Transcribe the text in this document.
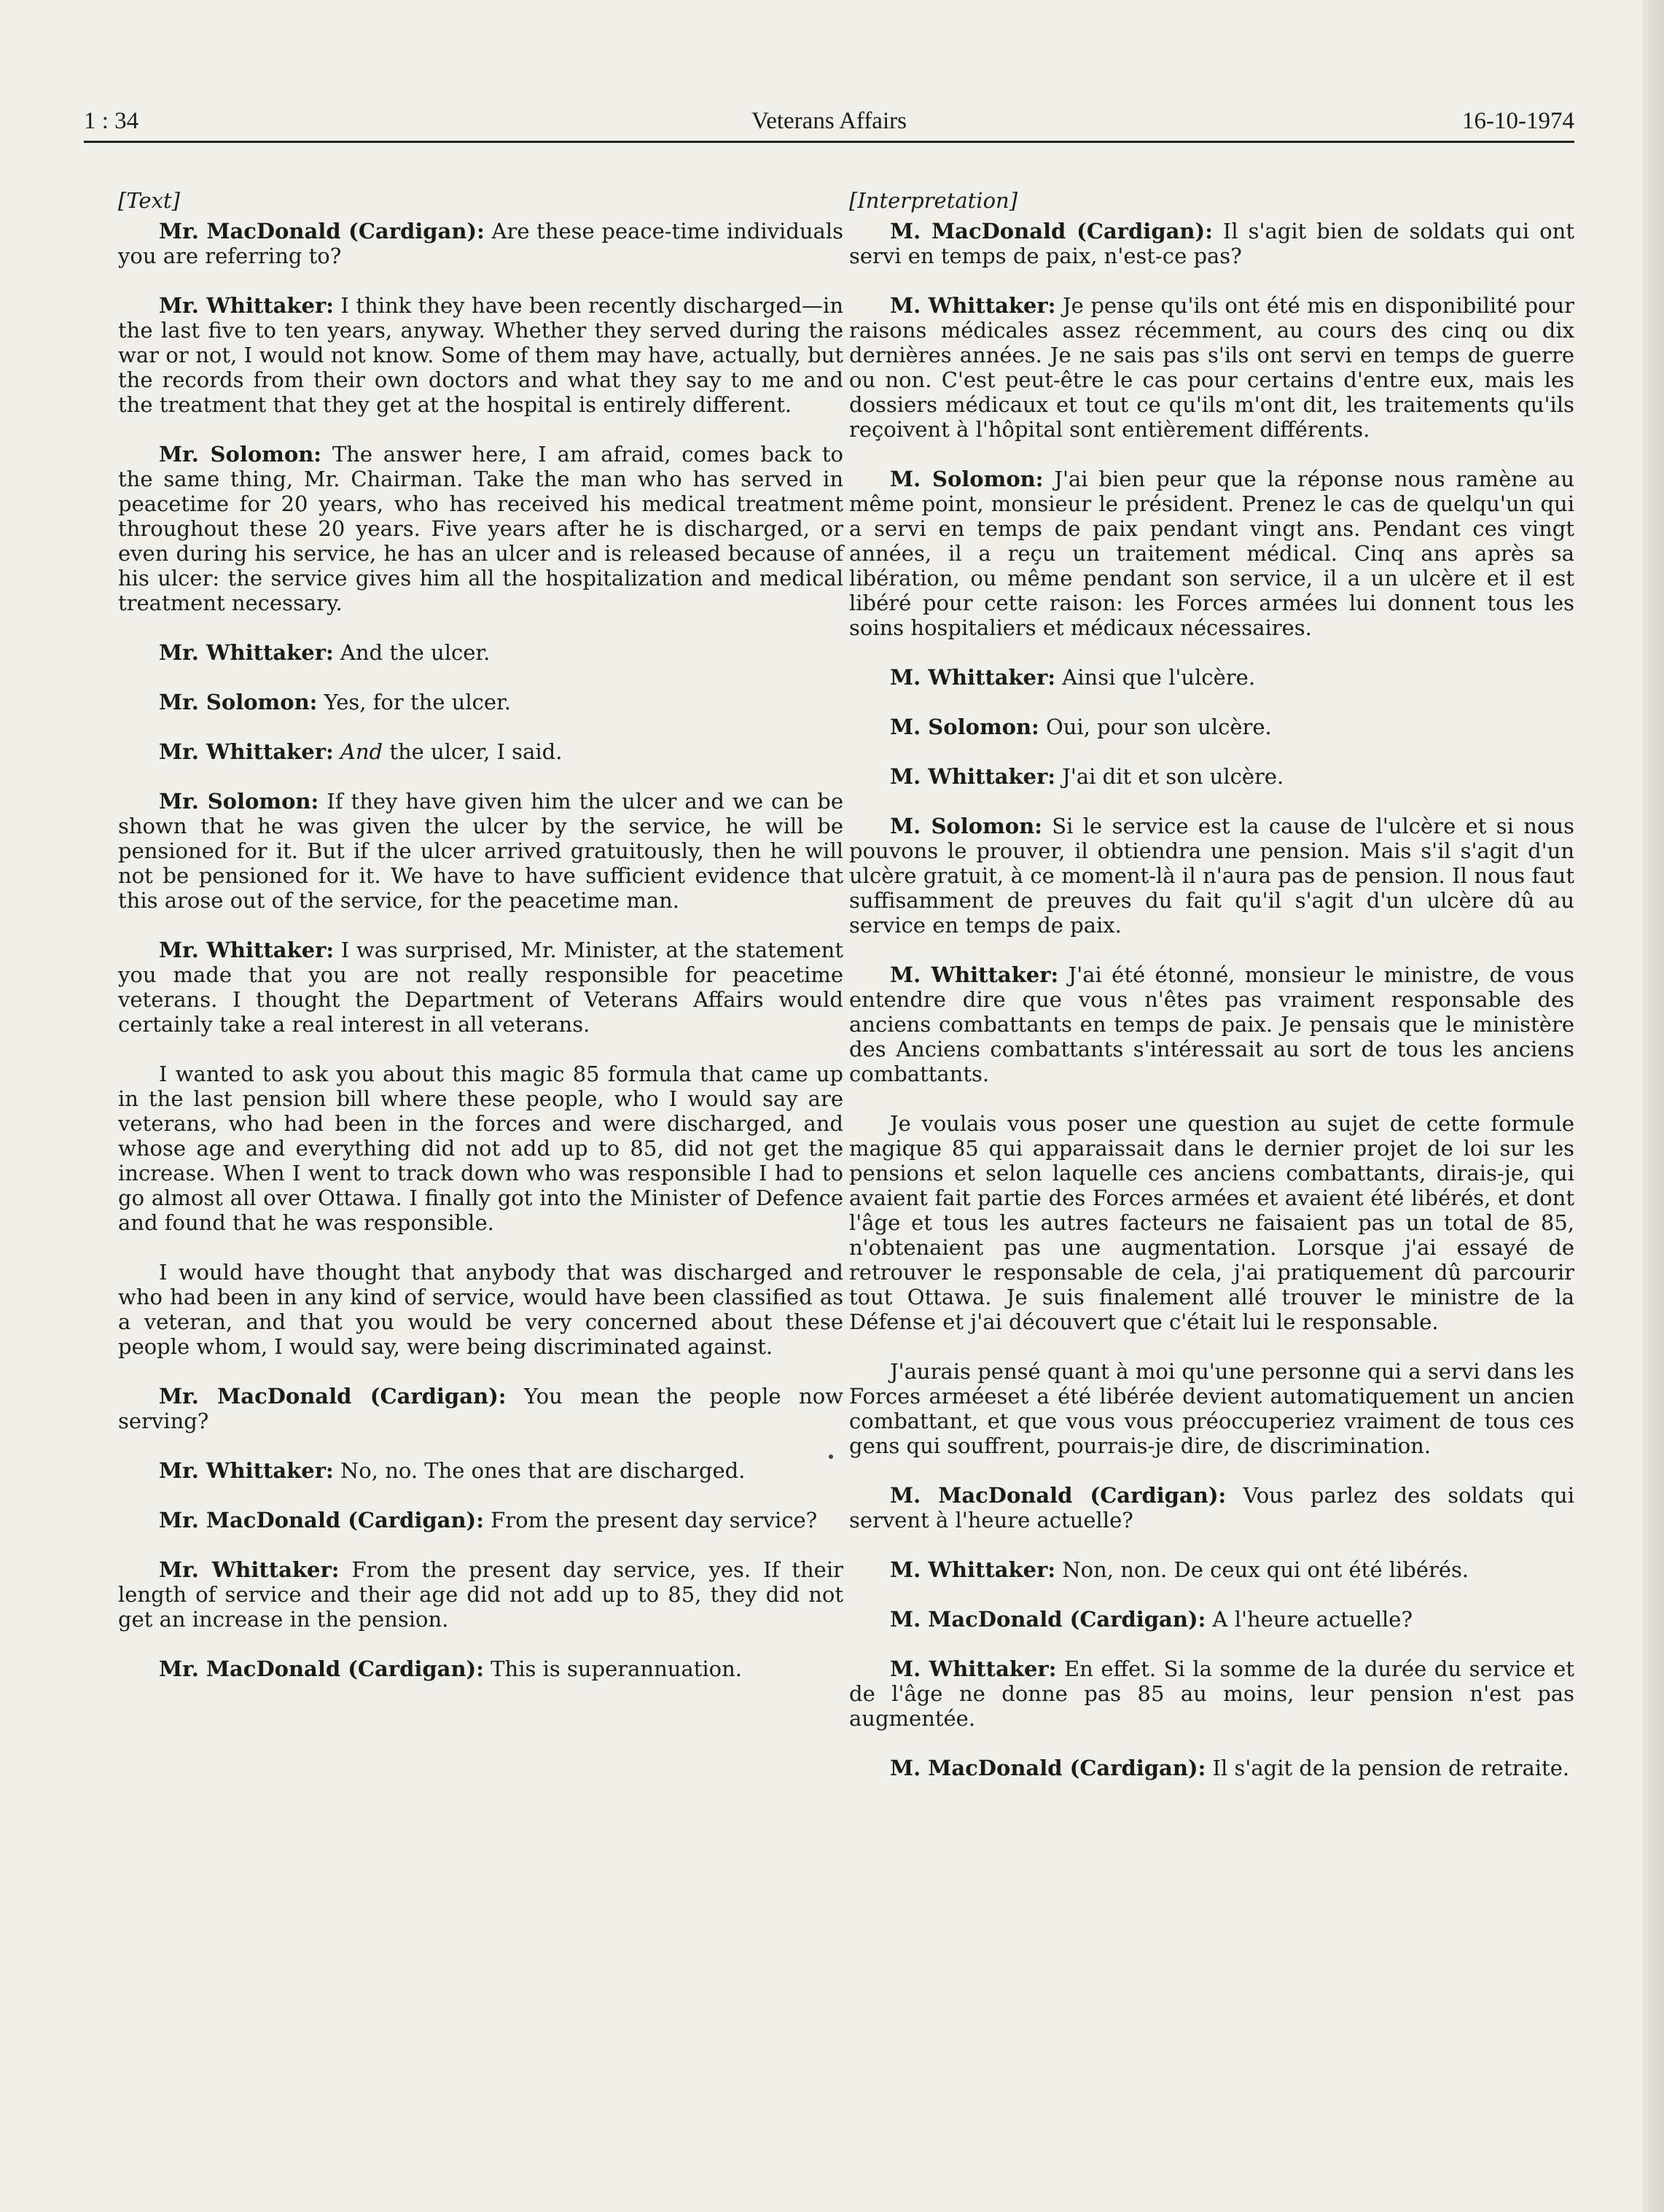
1 : 34	Veterans Affairs	16-10-1974
[Text]

Mr. MacDonald (Cardigan): Are these peace-time individuals you are referring to?

Mr. Whittaker: I think they have been recently discharged—in the last five to ten years, anyway. Whether they served during the war or not, I would not know. Some of them may have, actually, but the records from their own doctors and what they say to me and the treatment that they get at the hospital is entirely different.

Mr. Solomon: The answer here, I am afraid, comes back to the same thing, Mr. Chairman. Take the man who has served in peacetime for 20 years, who has received his medical treatment throughout these 20 years. Five years after he is discharged, or even during his service, he has an ulcer and is released because of his ulcer: the service gives him all the hospitalization and medical treatment necessary.

Mr. Whittaker: And the ulcer.

Mr. Solomon: Yes, for the ulcer.

Mr. Whittaker: And the ulcer, I said.

Mr. Solomon: If they have given him the ulcer and we can be shown that he was given the ulcer by the service, he will be pensioned for it. But if the ulcer arrived gratuitously, then he will not be pensioned for it. We have to have sufficient evidence that this arose out of the service, for the peacetime man.

Mr. Whittaker: I was surprised, Mr. Minister, at the statement you made that you are not really responsible for peacetime veterans. I thought the Department of Veterans Affairs would certainly take a real interest in all veterans.

I wanted to ask you about this magic 85 formula that came up in the last pension bill where these people, who I would say are veterans, who had been in the forces and were discharged, and whose age and everything did not add up to 85, did not get the increase. When I went to track down who was responsible I had to go almost all over Ottawa. I finally got into the Minister of Defence and found that he was responsible.

I would have thought that anybody that was discharged and who had been in any kind of service, would have been classified as a veteran, and that you would be very concerned about these people whom, I would say, were being discriminated against.

Mr. MacDonald (Cardigan): You mean the people now serving?

Mr. Whittaker: No, no. The ones that are discharged.

Mr. MacDonald (Cardigan): From the present day service?

Mr. Whittaker: From the present day service, yes. If their length of service and their age did not add up to 85, they did not get an increase in the pension.

Mr. MacDonald (Cardigan): This is superannuation.

[Interpretation]

M. MacDonald (Cardigan): Il s'agit bien de soldats qui ont servi en temps de paix, n'est-ce pas?

M. Whittaker: Je pense qu'ils ont été mis en disponibilité pour raisons médicales assez récemment, au cours des cinq ou dix dernières années. Je ne sais pas s'ils ont servi en temps de guerre ou non. C'est peut-être le cas pour certains d'entre eux, mais les dossiers médicaux et tout ce qu'ils m'ont dit, les traitements qu'ils reçoivent à l'hôpital sont entièrement différents.

M. Solomon: J'ai bien peur que la réponse nous ramène au même point, monsieur le président. Prenez le cas de quelqu'un qui a servi en temps de paix pendant vingt ans. Pendant ces vingt années, il a reçu un traitement médical. Cinq ans après sa libération, ou même pendant son service, il a un ulcère et il est libéré pour cette raison: les Forces armées lui donnent tous les soins hospitaliers et médicaux nécessaires.

M. Whittaker: Ainsi que l'ulcère.

M. Solomon: Oui, pour son ulcère.

M. Whittaker: J'ai dit et son ulcère.

M. Solomon: Si le service est la cause de l'ulcère et si nous pouvons le prouver, il obtiendra une pension. Mais s'il s'agit d'un ulcère gratuit, à ce moment-là il n'aura pas de pension. Il nous faut suffisamment de preuves du fait qu'il s'agit d'un ulcère dû au service en temps de paix.

M. Whittaker: J'ai été étonné, monsieur le ministre, de vous entendre dire que vous n'êtes pas vraiment responsable des anciens combattants en temps de paix. Je pensais que le ministère des Anciens combattants s'intéressait au sort de tous les anciens combattants.

Je voulais vous poser une question au sujet de cette formule magique 85 qui apparaissait dans le dernier projet de loi sur les pensions et selon laquelle ces anciens combattants, dirais-je, qui avaient fait partie des Forces armées et avaient été libérés, et dont l'âge et tous les autres facteurs ne faisaient pas un total de 85, n'obtenaient pas une augmentation. Lorsque j'ai essayé de retrouver le responsable de cela, j'ai pratiquement dû parcourir tout Ottawa. Je suis finalement allé trouver le ministre de la Défense et j'ai découvert que c'était lui le responsable.

J'aurais pensé quant à moi qu'une personne qui a servi dans les Forces arméeset a été libérée devient automatiquement un ancien combattant, et que vous vous préoccuperiez vraiment de tous ces gens qui souffrent, pourrais-je dire, de discrimination.

M. MacDonald (Cardigan): Vous parlez des soldats qui servent à l'heure actuelle?

M. Whittaker: Non, non. De ceux qui ont été libérés.

M. MacDonald (Cardigan): A l'heure actuelle?

M. Whittaker: En effet. Si la somme de la durée du service et de l'âge ne donne pas 85 au moins, leur pension n'est pas augmentée.

M. MacDonald (Cardigan): Il s'agit de la pension de retraite.
